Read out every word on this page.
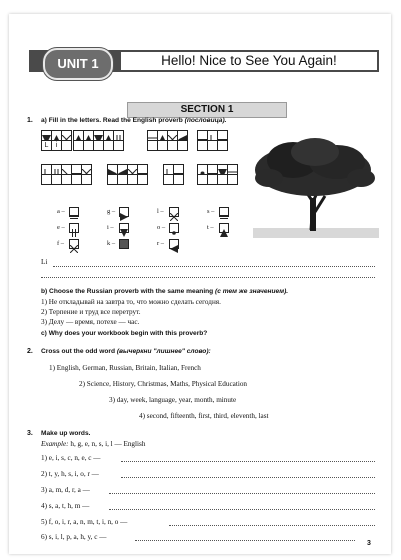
UNIT 1	Hello! Nice to See You Again!
SECTION 1
1. a) Fill in the letters. Read the English proverb (пословица).
L	i
a –
e –
f –
g –
i –
k –
l –
o –
r –
s –
t –
Li
b) Choose the Russian proverb with the same meaning (с тем же значением).
1) Не откладывай на завтра то, что можно сделать сегодня.
2) Терпение и труд все перетрут.
3) Делу — время, потехе — час.
c) Why does your workbook begin with this proverb?
2. Cross out the odd word (вычеркни "лишнее" слово):
1) English, German, Russian, Britain, Italian, French
2) Science, History, Christmas, Maths, Physical Education
3) day, week, language, year, month, minute
4) second, fifteenth, first, third, eleventh, last
3. Make up words.
Example: h, g, e, n, s, i, l — English
1) e, i, s, c, n, e, c —
2) t, y, h, s, i, o, r —
3) a, m, d, r, a —
4) s, a, t, h, m —
5) f, o, i, r, a, n, m, t, i, n, o —
6) s, i, l, p, a, h, y, c —
3
